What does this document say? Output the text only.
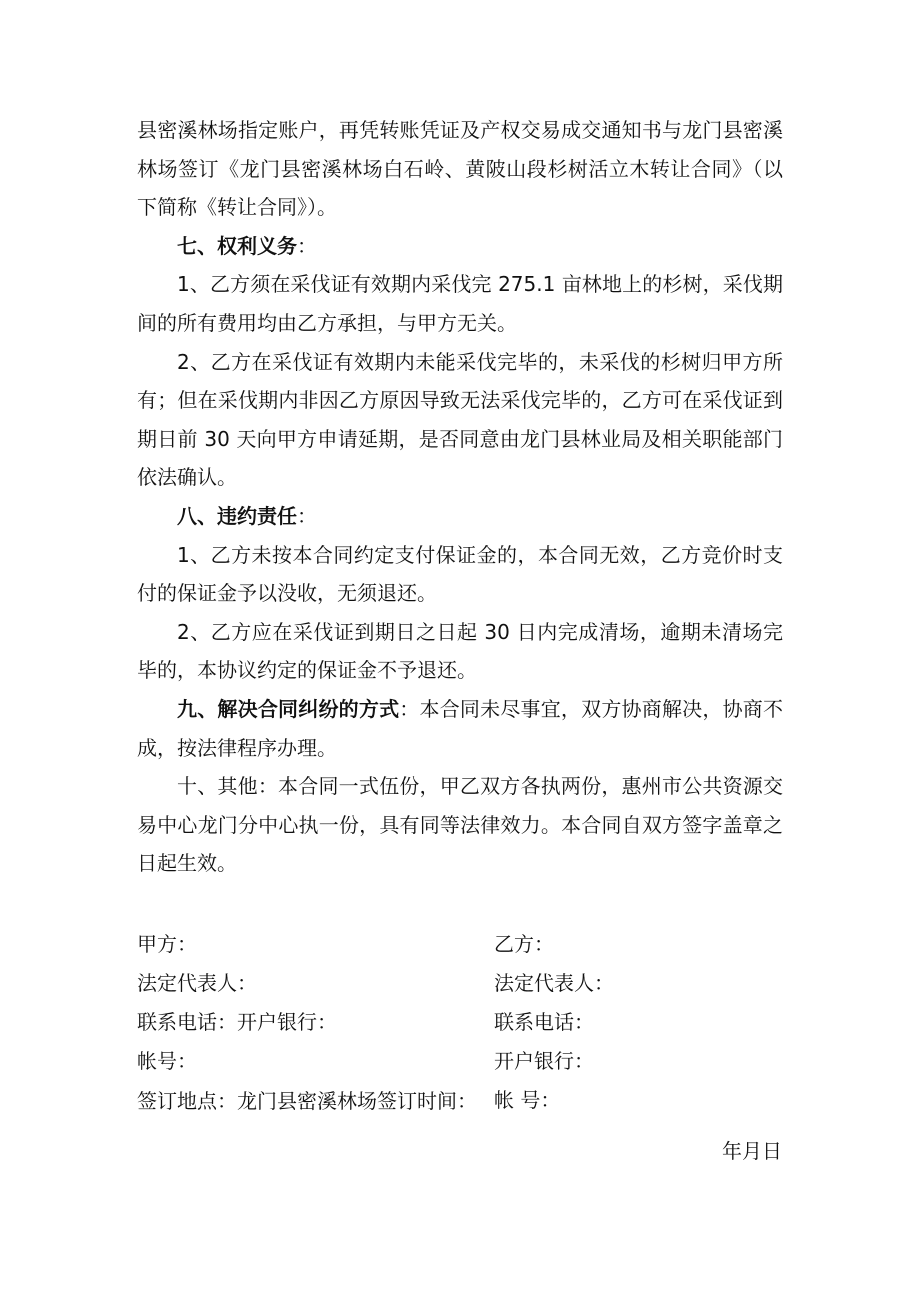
县密溪林场指定账户，再凭转账凭证及产权交易成交通知书与龙门县密溪林场签订《龙门县密溪林场白石岭、黄陂山段杉树活立木转让合同》（以下简称《转让合同》）。

七、权利义务：

1、乙方须在采伐证有效期内采伐完 275.1 亩林地上的杉树，采伐期间的所有费用均由乙方承担，与甲方无关。

2、乙方在采伐证有效期内未能采伐完毕的，未采伐的杉树归甲方所有；但在采伐期内非因乙方原因导致无法采伐完毕的，乙方可在采伐证到期日前 30 天向甲方申请延期，是否同意由龙门县林业局及相关职能部门依法确认。

八、违约责任：

1、乙方未按本合同约定支付保证金的，本合同无效，乙方竞价时支付的保证金予以没收，无须退还。

2、乙方应在采伐证到期日之日起 30 日内完成清场，逾期未清场完毕的，本协议约定的保证金不予退还。

九、解决合同纠纷的方式：本合同未尽事宜，双方协商解决，协商不成，按法律程序办理。

十、其他：本合同一式伍份，甲乙双方各执两份，惠州市公共资源交易中心龙门分中心执一份，具有同等法律效力。本合同自双方签字盖章之日起生效。

甲方：
法定代表人：
联系电话：开户银行：
帐号：
签订地点：龙门县密溪林场签订时间：
乙方：
法定代表人：
联系电话：
开户银行：
帐 号：
年月日
